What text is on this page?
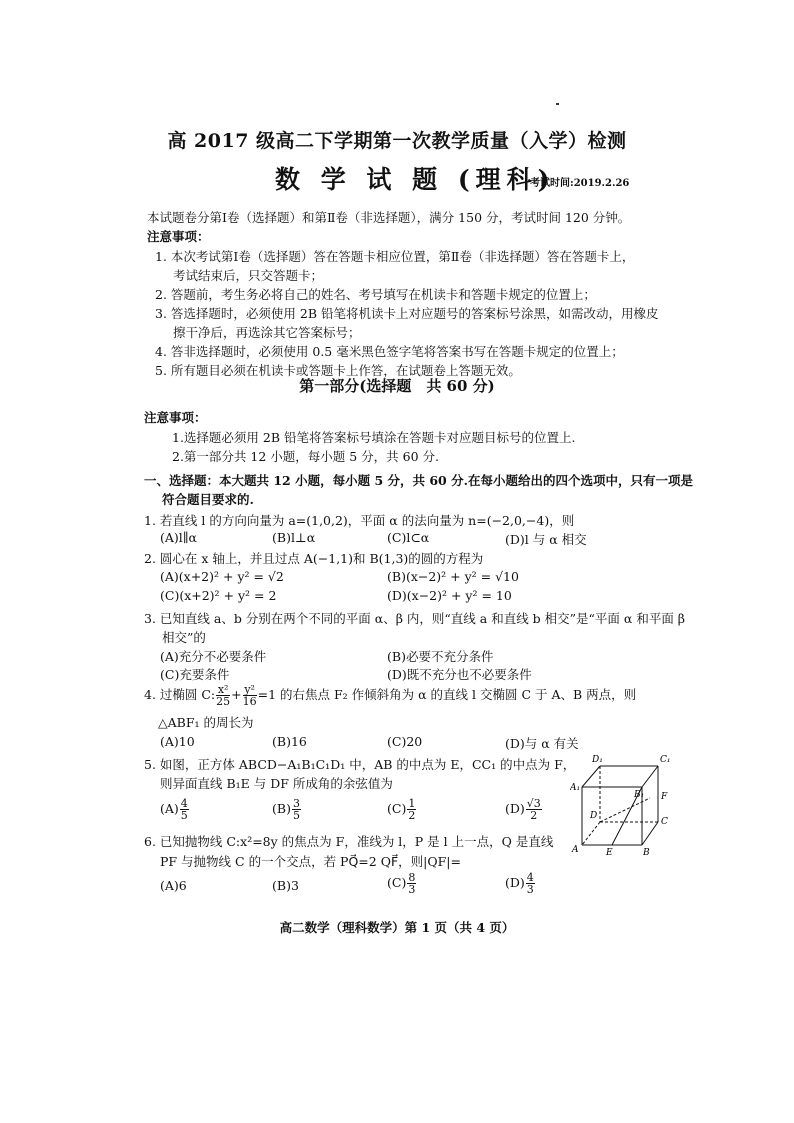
高 2017 级高二下学期第一次教学质量（入学）检测
数 学 试 题 (理科)
考试时间:2019.2.26
本试题卷分第Ⅰ卷（选择题）和第Ⅱ卷（非选择题），满分 150 分，考试时间 120 分钟。
注意事项：
1. 本次考试第Ⅰ卷（选择题）答在答题卡相应位置，第Ⅱ卷（非选择题）答在答题卡上，
考试结束后，只交答题卡；
2. 答题前，考生务必将自己的姓名、考号填写在机读卡和答题卡规定的位置上；
3. 答选择题时，必须使用 2B 铅笔将机读卡上对应题号的答案标号涂黑，如需改动，用橡皮
擦干净后，再选涂其它答案标号；
4. 答非选择题时，必须使用 0.5 毫米黑色签字笔将答案书写在答题卡规定的位置上；
5. 所有题目必须在机读卡或答题卡上作答，在试题卷上答题无效。
第一部分(选择题　共 60 分)
注意事项：
1.选择题必须用 2B 铅笔将答案标号填涂在答题卡对应题目标号的位置上.
2.第一部分共 12 小题，每小题 5 分，共 60 分.
一、选择题：本大题共 12 小题，每小题 5 分，共 60 分.在每小题给出的四个选项中，只有一项是
符合题目要求的.
1. 若直线 l 的方向向量为 a=(1,0,2)，平面 α 的法向量为 n=(−2,0,−4)，则
(A)l∥α	(B)l⊥α	(C)l⊂α	(D)l 与 α 相交
2. 圆心在 x 轴上，并且过点 A(−1,1)和 B(1,3)的圆的方程为
(A)(x+2)² + y² = √2	(B)(x−2)² + y² = √10
(C)(x+2)² + y² = 2	(D)(x−2)² + y² = 10
3. 已知直线 a、b 分别在两个不同的平面 α、β 内，则“直线 a 和直线 b 相交”是“平面 α 和平面 β
相交”的
(A)充分不必要条件	(B)必要不充分条件
(C)充要条件	(D)既不充分也不必要条件
4. 过椭圆 C: $\frac{\text{x²}}{25} + \frac{\text{y²}}{16} =1$ 的右焦点 F₂ 作倾斜角为 α 的直线 l 交椭圆 C 于 A、B 两点，则
△ABF₁ 的周长为
(A)10	(B)16	(C)20	(D)与 α 有关
5. 如图，正方体 ABCD−A₁B₁C₁D₁ 中，AB 的中点为 E，CC₁ 的中点为 F，
则异面直线 B₁E 与 DF 所成角的余弦值为
$(A) \frac{4}{5}$	$(B) \frac{3}{5}$	$(C) \frac{1}{2}$	$(D) \frac{√3}{2}$
D₁	C₁
A₁
B₁ F
D
C
A	E	B
6. 已知抛物线 C:x²=8y 的焦点为 F，准线为 l，P 是 l 上一点，Q 是直线
PF 与抛物线 C 的一个交点，若 PQ⃗=2 QF⃗，则|QF|=
(A)6	(B)3	$(C) \frac{8}{3}$	$(D) \frac{4}{3}$
高二数学（理科数学）第 1 页（共 4 页）
